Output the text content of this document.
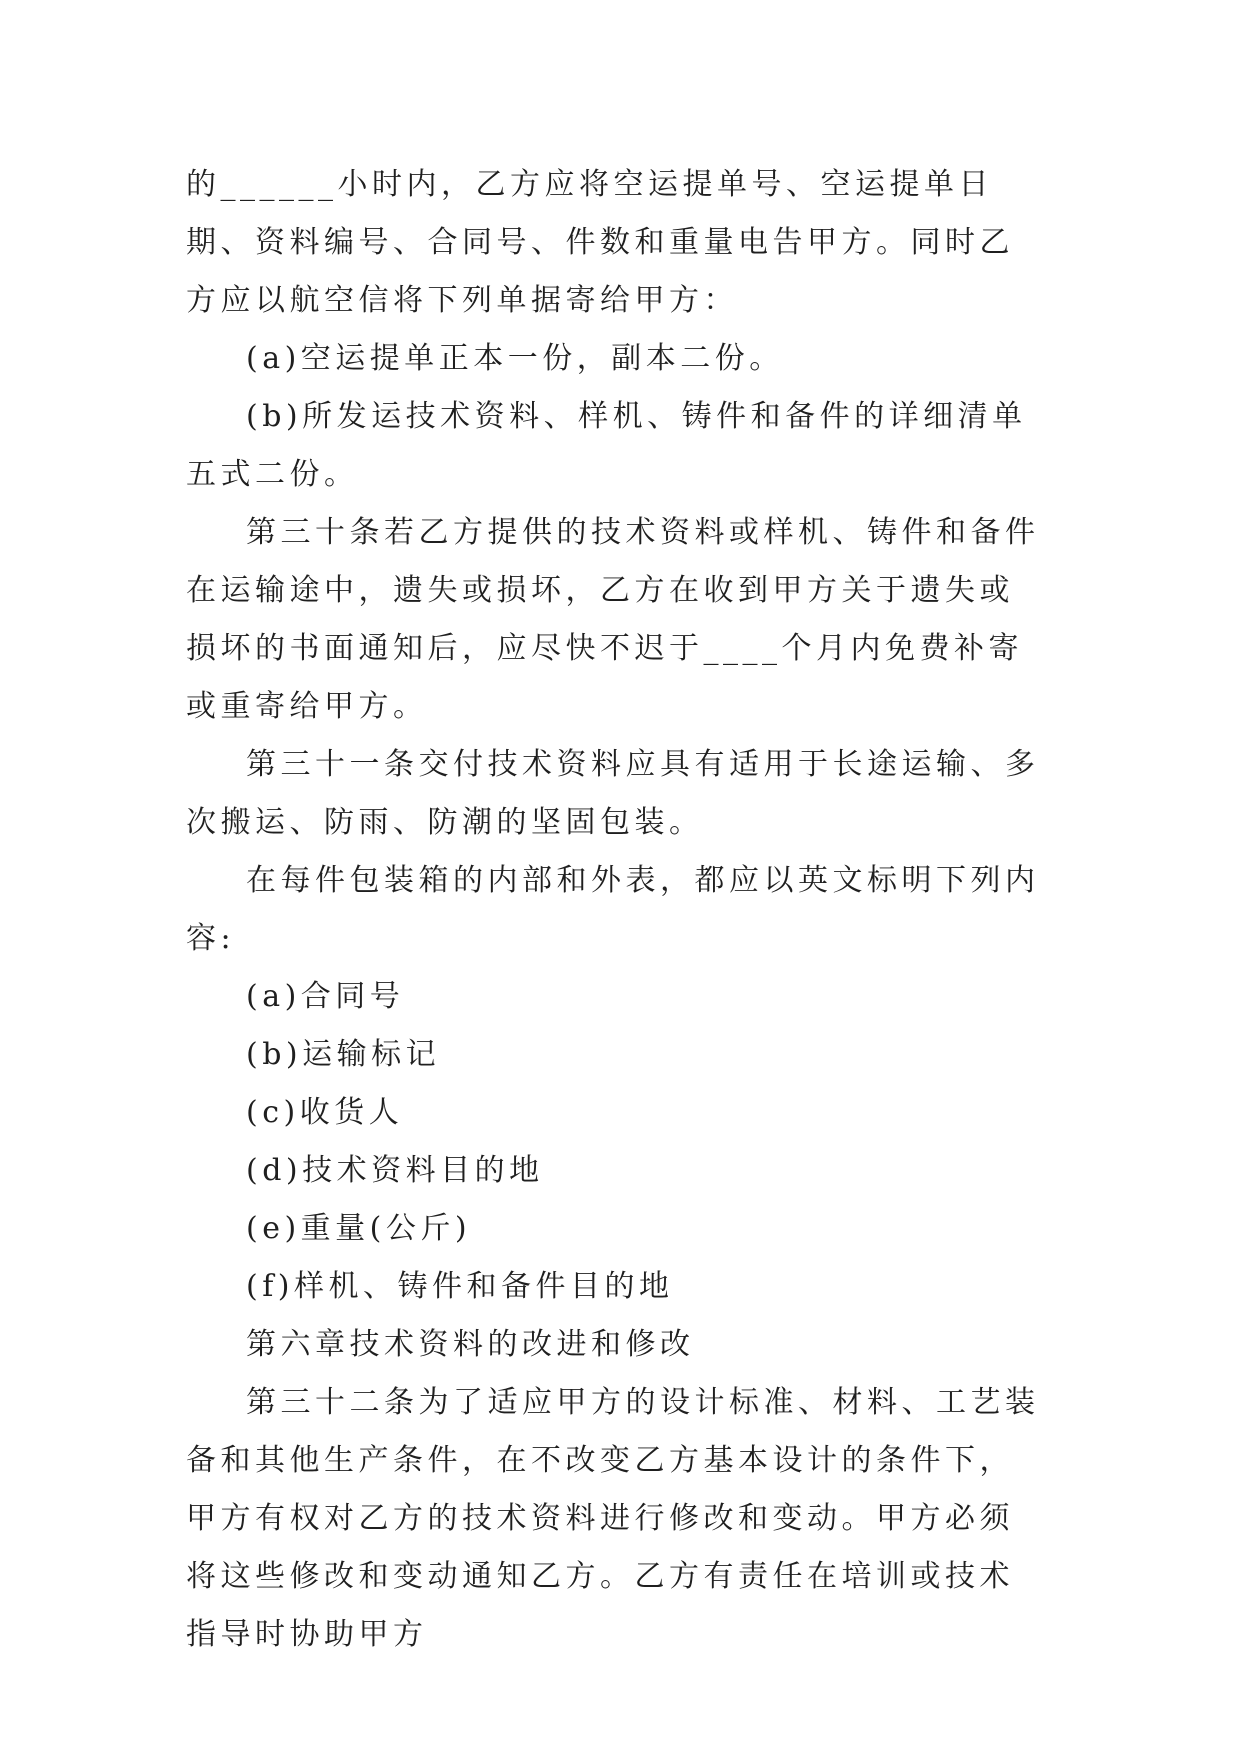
的______小时内，乙方应将空运提单号、空运提单日期、资料编号、合同号、件数和重量电告甲方。同时乙方应以航空信将下列单据寄给甲方：

(a)空运提单正本一份，副本二份。

(b)所发运技术资料、样机、铸件和备件的详细清单五式二份。

第三十条若乙方提供的技术资料或样机、铸件和备件在运输途中，遗失或损坏，乙方在收到甲方关于遗失或损坏的书面通知后，应尽快不迟于____个月内免费补寄或重寄给甲方。

第三十一条交付技术资料应具有适用于长途运输、多次搬运、防雨、防潮的坚固包装。

在每件包装箱的内部和外表，都应以英文标明下列内容:

(a)合同号

(b)运输标记

(c)收货人

(d)技术资料目的地

(e)重量(公斤)

(f)样机、铸件和备件目的地

第六章技术资料的改进和修改

第三十二条为了适应甲方的设计标准、材料、工艺装备和其他生产条件，在不改变乙方基本设计的条件下，甲方有权对乙方的技术资料进行修改和变动。甲方必须将这些修改和变动通知乙方。乙方有责任在培训或技术指导时协助甲方
